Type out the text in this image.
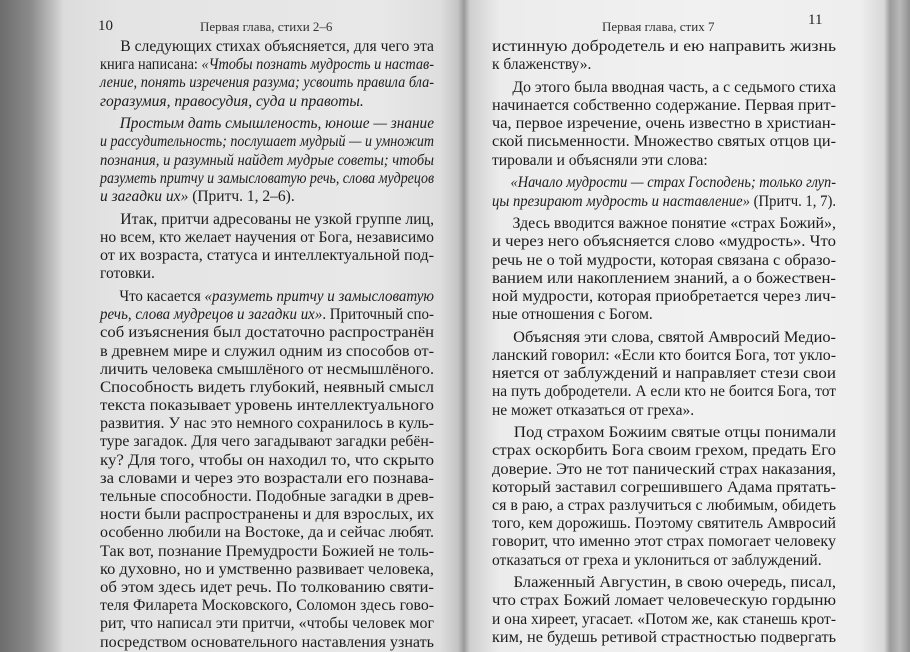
10	Первая глава, стихи 2–6
В следующих стихах объясняется, для чего эта
книга написана: «Чтобы познать мудрость и настав-
ление, понять изречения разума; усвоить правила бла-
горазумия, правосудия, суда и правоты.
Простым дать смышленость, юноше — знание
и рассудительность; послушает мудрый — и умножит
познания, и разумный найдет мудрые советы; чтобы
разуметь притчу и замысловатую речь, слова мудрецов
и загадки их» (Притч. 1, 2–6).
Итак, притчи адресованы не узкой группе лиц,
но всем, кто желает научения от Бога, независимо
от их возраста, статуса и интеллектуальной под-
готовки.
Что касается «разуметь притчу и замысловатую
речь, слова мудрецов и загадки их». Приточный спо-
соб изъяснения был достаточно распространён
в древнем мире и служил одним из способов от-
личить человека смышлёного от несмышлёного.
Способность видеть глубокий, неявный смысл
текста показывает уровень интеллектуального
развития. У нас это немного сохранилось в куль-
туре загадок. Для чего загадывают загадки ребён-
ку? Для того, чтобы он находил то, что скрыто
за словами и через это возрастали его познава-
тельные способности. Подобные загадки в древ-
ности были распространены и для взрослых, их
особенно любили на Востоке, да и сейчас любят.
Так вот, познание Премудрости Божией не толь-
ко духовно, но и умственно развивает человека,
об этом здесь идет речь. По толкованию святи-
теля Филарета Московского, Соломон здесь гово-
рит, что написал эти притчи, «чтобы человек мог
посредством основательного наставления узнать
Первая глава, стих 7	11
истинную добродетель и ею направить жизнь
к блаженству».
До этого была вводная часть, а с седьмого стиха
начинается собственно содержание. Первая прит-
ча, первое изречение, очень известно в христиан-
ской письменности. Множество святых отцов ци-
тировали и объясняли эти слова:
«Начало мудрости — страх Господень; только глуп-
цы презирают мудрость и наставление» (Притч. 1, 7).
Здесь вводится важное понятие «страх Божий»,
и через него объясняется слово «мудрость». Что
речь не о той мудрости, которая связана с образо-
ванием или накоплением знаний, а о божествен-
ной мудрости, которая приобретается через лич-
ные отношения с Богом.
Объясняя эти слова, святой Амвросий Медио-
ланский говорил: «Если кто боится Бога, тот укло-
няется от заблуждений и направляет стези свои
на путь добродетели. А если кто не боится Бога, тот
не может отказаться от греха».
Под страхом Божиим святые отцы понимали
страх оскорбить Бога своим грехом, предать Его
доверие. Это не тот панический страх наказания,
который заставил согрешившего Адама прятать-
ся в раю, а страх разлучиться с любимым, обидеть
того, кем дорожишь. Поэтому святитель Амвросий
говорит, что именно этот страх помогает человеку
отказаться от греха и уклониться от заблуждений.
Блаженный Августин, в свою очередь, писал,
что страх Божий ломает человеческую гордыню
и она хиреет, угасает. «Потом же, как станешь крот-
ким, не будешь ретивой страстностью подвергать
